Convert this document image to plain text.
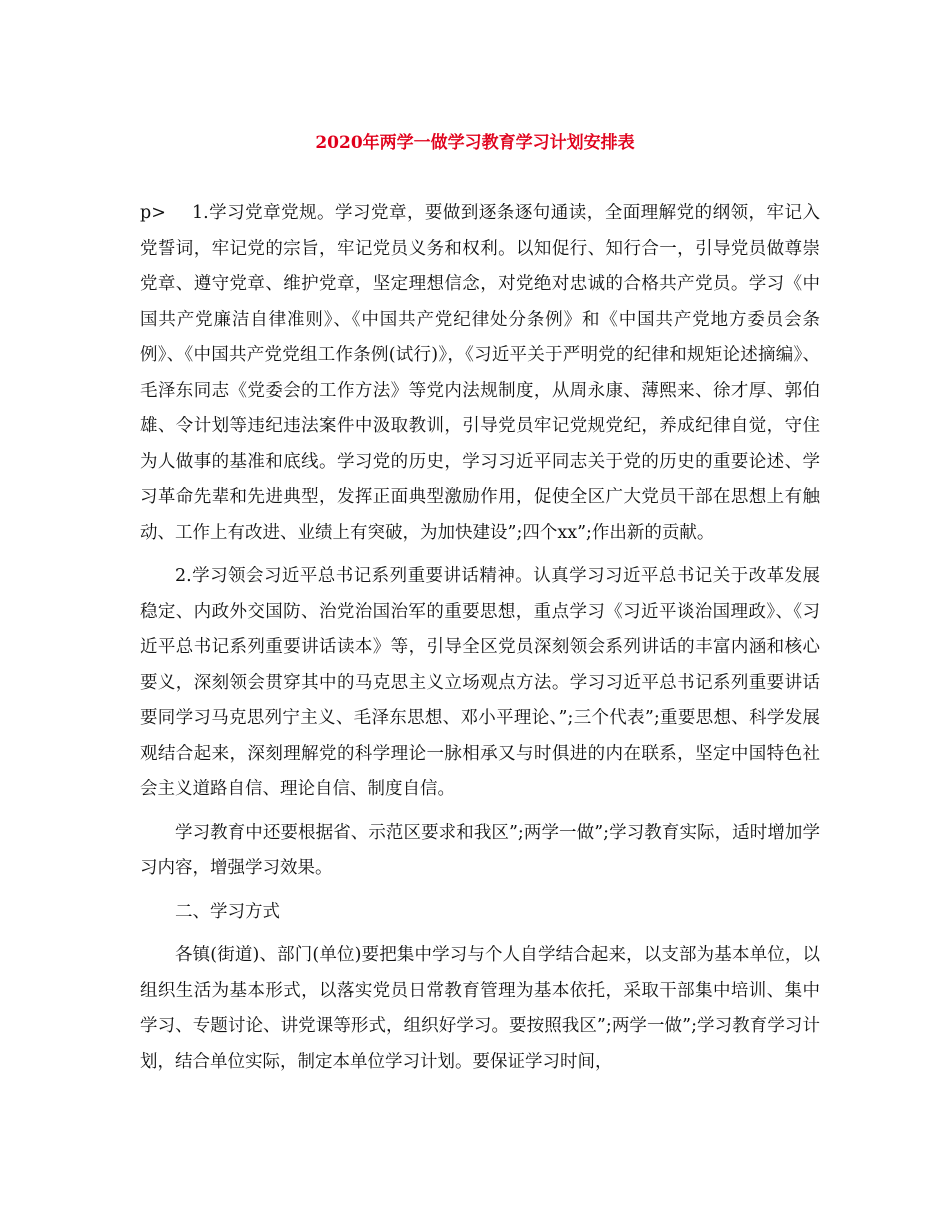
2020年两学一做学习教育学习计划安排表

p> 1.学习党章党规。学习党章，要做到逐条逐句通读，全面理解党的纲领，牢记入党誓词，牢记党的宗旨，牢记党员义务和权利。以知促行、知行合一，引导党员做尊崇党章、遵守党章、维护党章，坚定理想信念，对党绝对忠诚的合格共产党员。学习《中国共产党廉洁自律准则》、《中国共产党纪律处分条例》和《中国共产党地方委员会条例》、《中国共产党党组工作条例(试行)》，《习近平关于严明党的纪律和规矩论述摘编》、毛泽东同志《党委会的工作方法》等党内法规制度，从周永康、薄熙来、徐才厚、郭伯雄、令计划等违纪违法案件中汲取教训，引导党员牢记党规党纪，养成纪律自觉，守住为人做事的基准和底线。学习党的历史，学习习近平同志关于党的历史的重要论述、学习革命先辈和先进典型，发挥正面典型激励作用，促使全区广大党员干部在思想上有触动、工作上有改进、业绩上有突破，为加快建设”;四个xx”;作出新的贡献。

2.学习领会习近平总书记系列重要讲话精神。认真学习习近平总书记关于改革发展稳定、内政外交国防、治党治国治军的重要思想，重点学习《习近平谈治国理政》、《习近平总书记系列重要讲话读本》等，引导全区党员深刻领会系列讲话的丰富内涵和核心要义，深刻领会贯穿其中的马克思主义立场观点方法。学习习近平总书记系列重要讲话要同学习马克思列宁主义、毛泽东思想、邓小平理论、”;三个代表”;重要思想、科学发展观结合起来，深刻理解党的科学理论一脉相承又与时俱进的内在联系，坚定中国特色社会主义道路自信、理论自信、制度自信。

学习教育中还要根据省、示范区要求和我区”;两学一做”;学习教育实际，适时增加学习内容，增强学习效果。

二、学习方式

各镇(街道)、部门(单位)要把集中学习与个人自学结合起来，以支部为基本单位，以组织生活为基本形式，以落实党员日常教育管理为基本依托，采取干部集中培训、集中学习、专题讨论、讲党课等形式，组织好学习。要按照我区”;两学一做”;学习教育学习计划，结合单位实际，制定本单位学习计划。要保证学习时间，
